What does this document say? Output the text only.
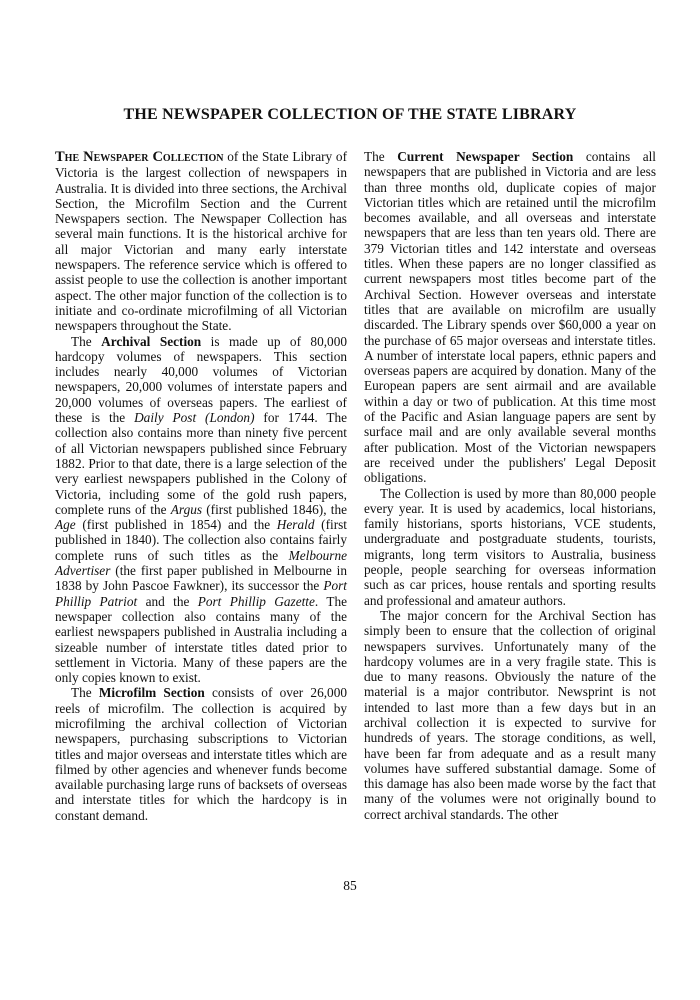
THE NEWSPAPER COLLECTION OF THE STATE LIBRARY

The Newspaper Collection of the State Library of Victoria is the largest collection of newspapers in Australia. It is divided into three sections, the Archival Section, the Microfilm Section and the Current Newspapers section. The Newspaper Collection has several main functions. It is the historical archive for all major Victorian and many early interstate newspapers. The reference service which is offered to assist people to use the collection is another important aspect. The other major function of the collection is to initiate and co-ordinate microfilming of all Victorian newspapers throughout the State.

The Archival Section is made up of 80,000 hardcopy volumes of newspapers. This section includes nearly 40,000 volumes of Victorian newspapers, 20,000 volumes of interstate papers and 20,000 volumes of overseas papers. The earliest of these is the Daily Post (London) for 1744. The collection also contains more than ninety five percent of all Victorian newspapers published since February 1882. Prior to that date, there is a large selection of the very earliest newspapers published in the Colony of Victoria, including some of the gold rush papers, complete runs of the Argus (first published 1846), the Age (first published in 1854) and the Herald (first published in 1840). The collection also contains fairly complete runs of such titles as the Melbourne Advertiser (the first paper published in Melbourne in 1838 by John Pascoe Fawkner), its successor the Port Phillip Patriot and the Port Phillip Gazette. The newspaper collection also contains many of the earliest newspapers published in Australia including a sizeable number of interstate titles dated prior to settlement in Victoria. Many of these papers are the only copies known to exist.

The Microfilm Section consists of over 26,000 reels of microfilm. The collection is acquired by microfilming the archival collection of Victorian newspapers, purchasing subscriptions to Victorian titles and major overseas and interstate titles which are filmed by other agencies and whenever funds become available purchasing large runs of backsets of overseas and interstate titles for which the hardcopy is in constant demand.

The Current Newspaper Section contains all newspapers that are published in Victoria and are less than three months old, duplicate copies of major Victorian titles which are retained until the microfilm becomes available, and all overseas and interstate newspapers that are less than ten years old. There are 379 Victorian titles and 142 interstate and overseas titles. When these papers are no longer classified as current newspapers most titles become part of the Archival Section. However overseas and interstate titles that are available on microfilm are usually discarded. The Library spends over $60,000 a year on the purchase of 65 major overseas and interstate titles. A number of interstate local papers, ethnic papers and overseas papers are acquired by donation. Many of the European papers are sent airmail and are available within a day or two of publication. At this time most of the Pacific and Asian language papers are sent by surface mail and are only available several months after publication. Most of the Victorian newspapers are received under the publishers' Legal Deposit obligations.

The Collection is used by more than 80,000 people every year. It is used by academics, local historians, family historians, sports historians, VCE students, undergraduate and postgraduate students, tourists, migrants, long term visitors to Australia, business people, people searching for overseas information such as car prices, house rentals and sporting results and professional and amateur authors.

The major concern for the Archival Section has simply been to ensure that the collection of original newspapers survives. Unfortunately many of the hardcopy volumes are in a very fragile state. This is due to many reasons. Obviously the nature of the material is a major contributor. Newsprint is not intended to last more than a few days but in an archival collection it is expected to survive for hundreds of years. The storage conditions, as well, have been far from adequate and as a result many volumes have suffered substantial damage. Some of this damage has also been made worse by the fact that many of the volumes were not originally bound to correct archival standards. The other

85
